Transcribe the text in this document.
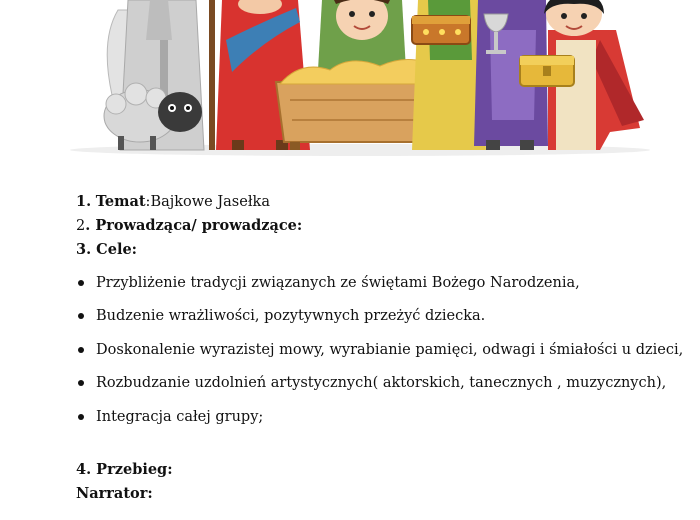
1.
Temat : Bajkowe Jasełka
2 . Prowadząca/ prowadzące:
3. Cele:
Przybliżenie tradycji związanych ze świętami Bożego Narodzenia,
Budzenie wrażliwości, pozytywnych przeżyć dziecka.
Doskonalenie wyrazistej mowy, wyrabianie pamięci, odwagi i śmiałości u dzieci,
Rozbudzanie uzdolnień artystycznych( aktorskich, tanecznych , muzycznych),
Integracja całej grupy;
4. Przebieg:
Narrator:
